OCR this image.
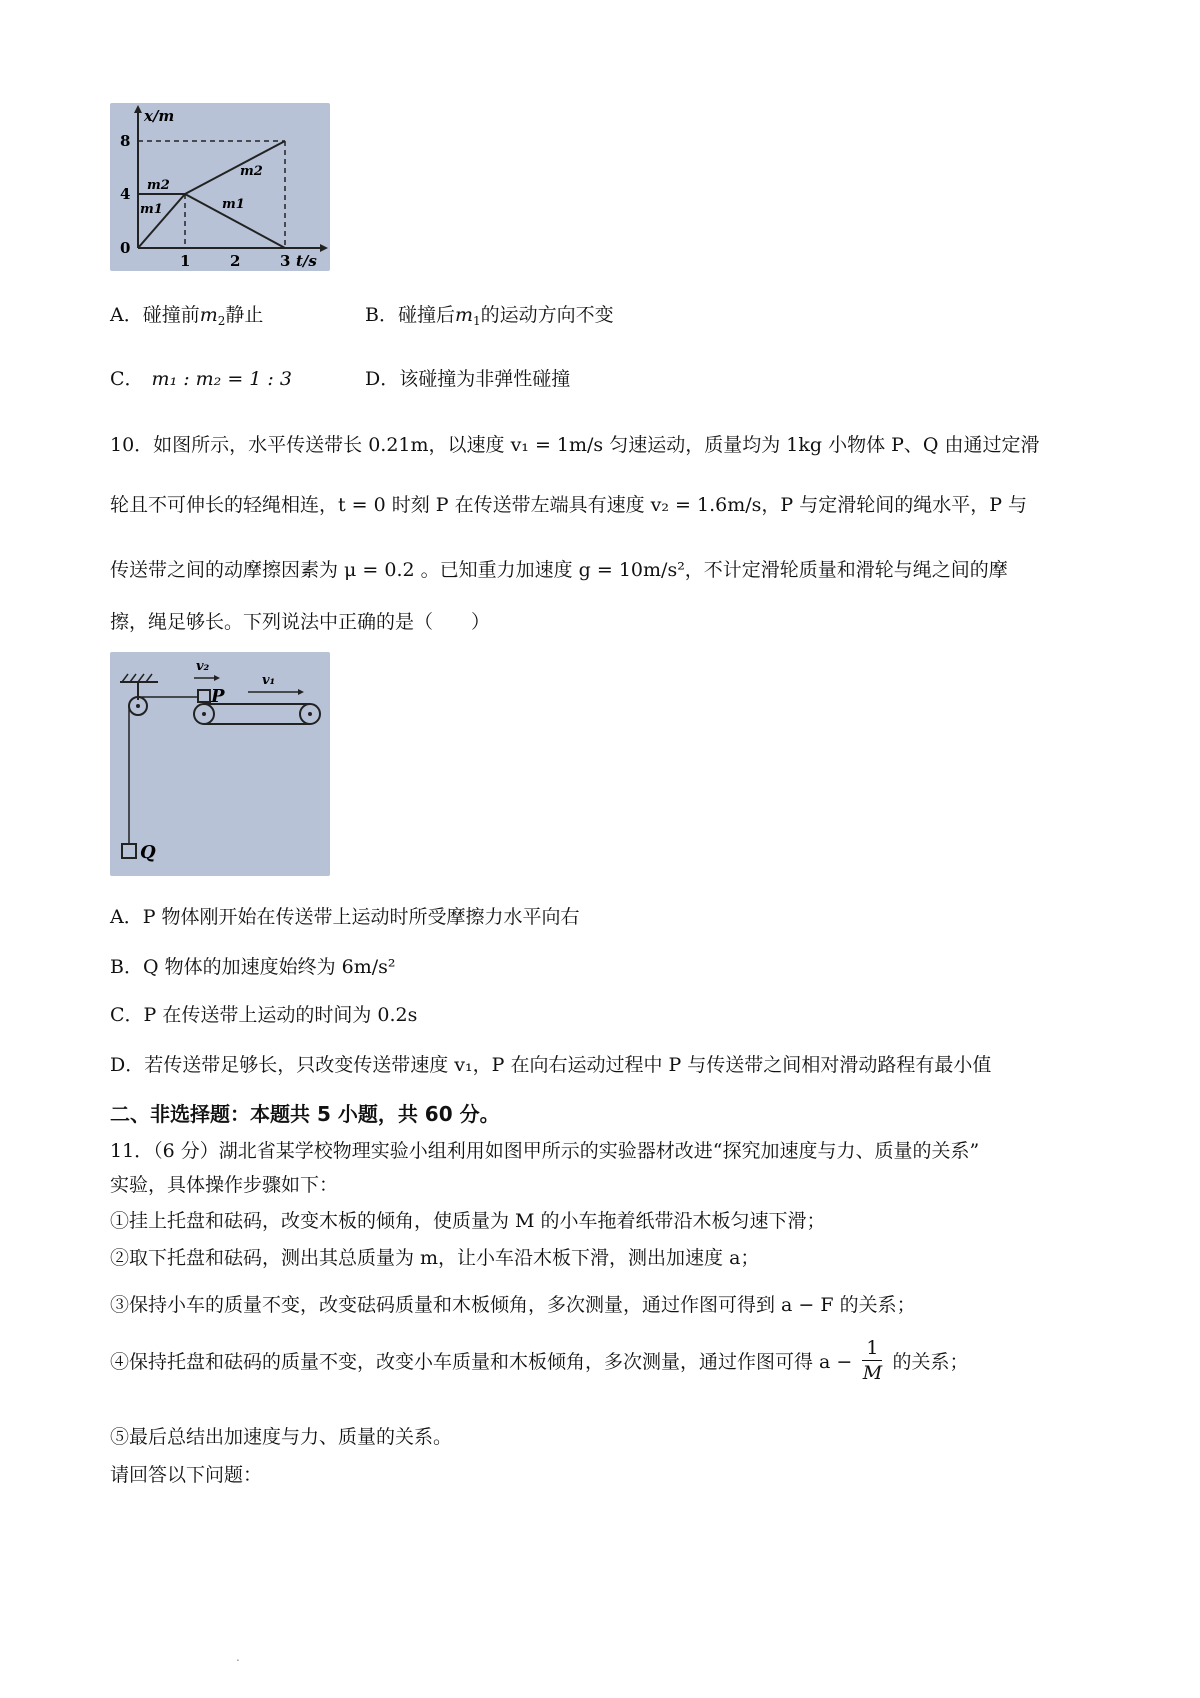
x/m
0
4
8
1	2	3 t/s
m2
m1
m2
m1
A．碰撞前$m_2$静止	B．碰撞后$m_1$的运动方向不变
C． m₁ : m₂ = 1 : 3	D．该碰撞为非弹性碰撞
10．如图所示，水平传送带长 0.21m，以速度 v₁ = 1m/s 匀速运动，质量均为 1kg 小物体 P、Q 由通过定滑
轮且不可伸长的轻绳相连，t = 0 时刻 P 在传送带左端具有速度 v₂ = 1.6m/s，P 与定滑轮间的绳水平，P 与
传送带之间的动摩擦因素为 μ = 0.2 。已知重力加速度 g = 10m/s²，不计定滑轮质量和滑轮与绳之间的摩
擦，绳足够长。下列说法中正确的是（　　）
Q
P
v₂
v₁
A．P 物体刚开始在传送带上运动时所受摩擦力水平向右
B．Q 物体的加速度始终为 6m/s²
C．P 在传送带上运动的时间为 0.2s
D．若传送带足够长，只改变传送带速度 v₁，P 在向右运动过程中 P 与传送带之间相对滑动路程有最小值
二、非选择题：本题共 5 小题，共 60 分。
11．（6 分）湖北省某学校物理实验小组利用如图甲所示的实验器材改进“探究加速度与力、质量的关系”
实验，具体操作步骤如下：
①挂上托盘和砝码，改变木板的倾角，使质量为 M 的小车拖着纸带沿木板匀速下滑；
②取下托盘和砝码，测出其总质量为 m，让小车沿木板下滑，测出加速度 a；
③保持小车的质量不变，改变砝码质量和木板倾角，多次测量，通过作图可得到 a − F 的关系；
④保持托盘和砝码的质量不变，改变小车质量和木板倾角，多次测量，通过作图可得 $a - \frac{1}{M}$ 的关系；
⑤最后总结出加速度与力、质量的关系。
请回答以下问题：
.
